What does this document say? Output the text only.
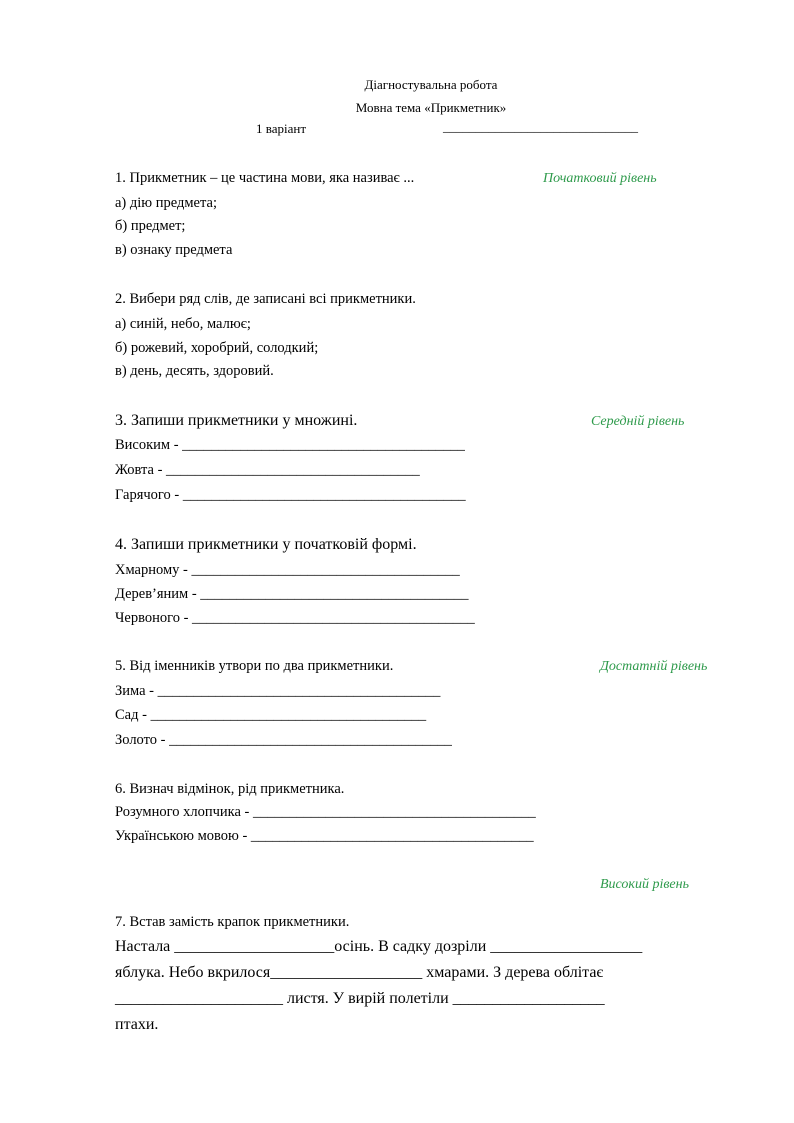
Діагностувальна робота
Мовна тема «Прикметник»
1 варіант	______________________________
1. Прикметник – це частина мови, яка називає ...	Початковий рівень
а) дію предмета;
б) предмет;
в) ознаку предмета
2. Вибери ряд слів, де записані всі прикметники.
а) синій, небо, малює;
б) рожевий, хоробрий, солодкий;
в) день, десять, здоровий.
3. Запиши прикметники у множині.	Середній рівень
Високим - _______________________________________
Жовта - ___________________________________
Гарячого - _______________________________________
4. Запиши прикметники у початковій формі.
Хмарному - _____________________________________
Дерев’яним - _____________________________________
Червоного - _______________________________________
5. Від іменників утвори по два прикметники.	Достатній рівень
Зима - _______________________________________
Сад - ______________________________________
Золото - _______________________________________
6. Визнач відмінок, рід прикметника.
Розумного хлопчика - _______________________________________
Українською мовою - _______________________________________
Високий рівень
7. Встав замість крапок прикметники.
Настала ____________________осінь. В садку дозріли ___________________
яблука. Небо вкрилося___________________ хмарами. З дерева облітає
_____________________ листя. У вирій полетіли ___________________
птахи.
